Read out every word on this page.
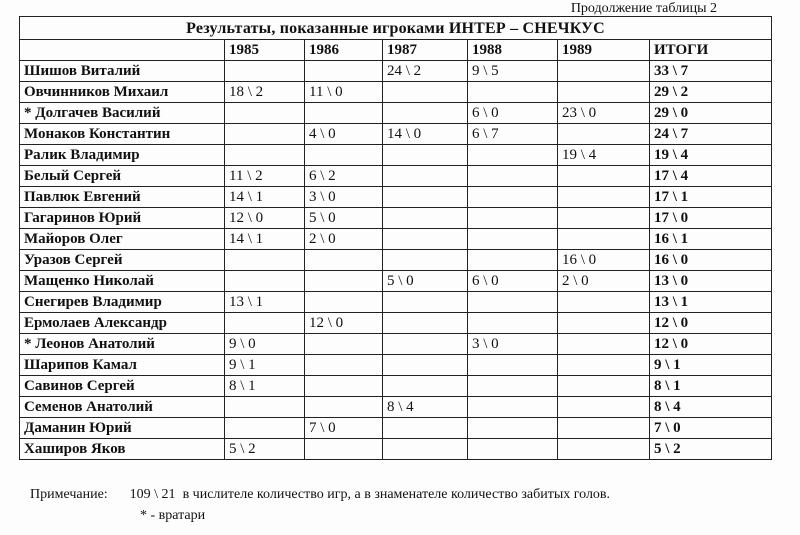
Продолжение таблицы 2
Результаты, показанные игроками ИНТЕР – СНЕЧКУС						
	1985	1986	1987	1988	1989	ИТОГИ
Шишов Виталий			24 \ 2	9 \ 5		33 \ 7
Овчинников Михаил	18 \ 2	11 \ 0				29 \ 2
* Долгачев Василий				6 \ 0	23 \ 0	29 \ 0
Монаков Константин		4 \ 0	14 \ 0	6 \ 7		24 \ 7
Ралик Владимир					19 \ 4	19 \ 4
Белый Сергей	11 \ 2	6 \ 2				17 \ 4
Павлюк Евгений	14 \ 1	3 \ 0				17 \ 1
Гагаринов Юрий	12 \ 0	5 \ 0				17 \ 0
Майоров Олег	14 \ 1	2 \ 0				16 \ 1
Уразов Сергей					16 \ 0	16 \ 0
Мащенко Николай			5 \ 0	6 \ 0	2 \ 0	13 \ 0
Снегирев Владимир	13 \ 1					13 \ 1
Ермолаев Александр		12 \ 0				12 \ 0
* Леонов Анатолий	9 \ 0			3 \ 0		12 \ 0
Шарипов Камал	9 \ 1					9 \ 1
Савинов Сергей	8 \ 1					8 \ 1
Семенов Анатолий			8 \ 4			8 \ 4
Даманин Юрий		7 \ 0				7 \ 0
Хаширов Яков	5 \ 2					5 \ 2
Примечание: 109 \ 21 в числителе количество игр, а в знаменателе количество забитых голов.
* - вратари
